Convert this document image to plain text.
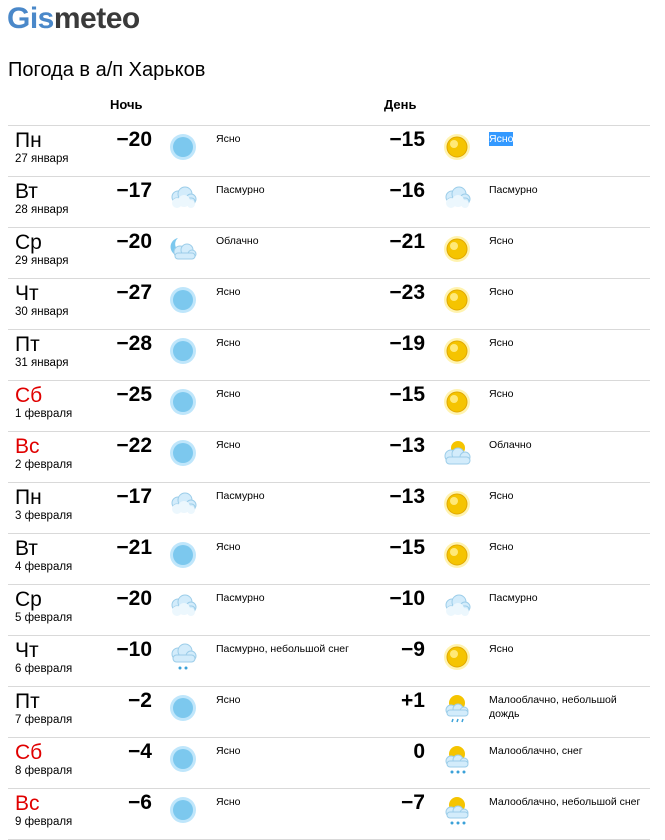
Gismeteo
Погода в а/п Харьков
Ночь	День
Пн
27 января
−20	Ясно	−15	Ясно
Вт
28 января
−17	Пасмурно	−16	Пасмурно
Ср
29 января
−20	Облачно	−21	Ясно
Чт
30 января
−27	Ясно	−23	Ясно
Пт
31 января
−28	Ясно	−19	Ясно
Сб
1 февраля
−25	Ясно	−15	Ясно
Вс
2 февраля
−22	Ясно	−13	Облачно
Пн
3 февраля
−17	Пасмурно	−13	Ясно
Вт
4 февраля
−21	Ясно	−15	Ясно
Ср
5 февраля
−20	Пасмурно	−10	Пасмурно
Чт
6 февраля
−10	Пасмурно, небольшой снег	−9	Ясно
Пт
7 февраля
−2	Ясно	+1	Малооблачно, небольшой дождь
Сб
8 февраля
−4	Ясно	0	Малооблачно, снег
Вс
9 февраля
−6	Ясно	−7	Малооблачно, небольшой снег
